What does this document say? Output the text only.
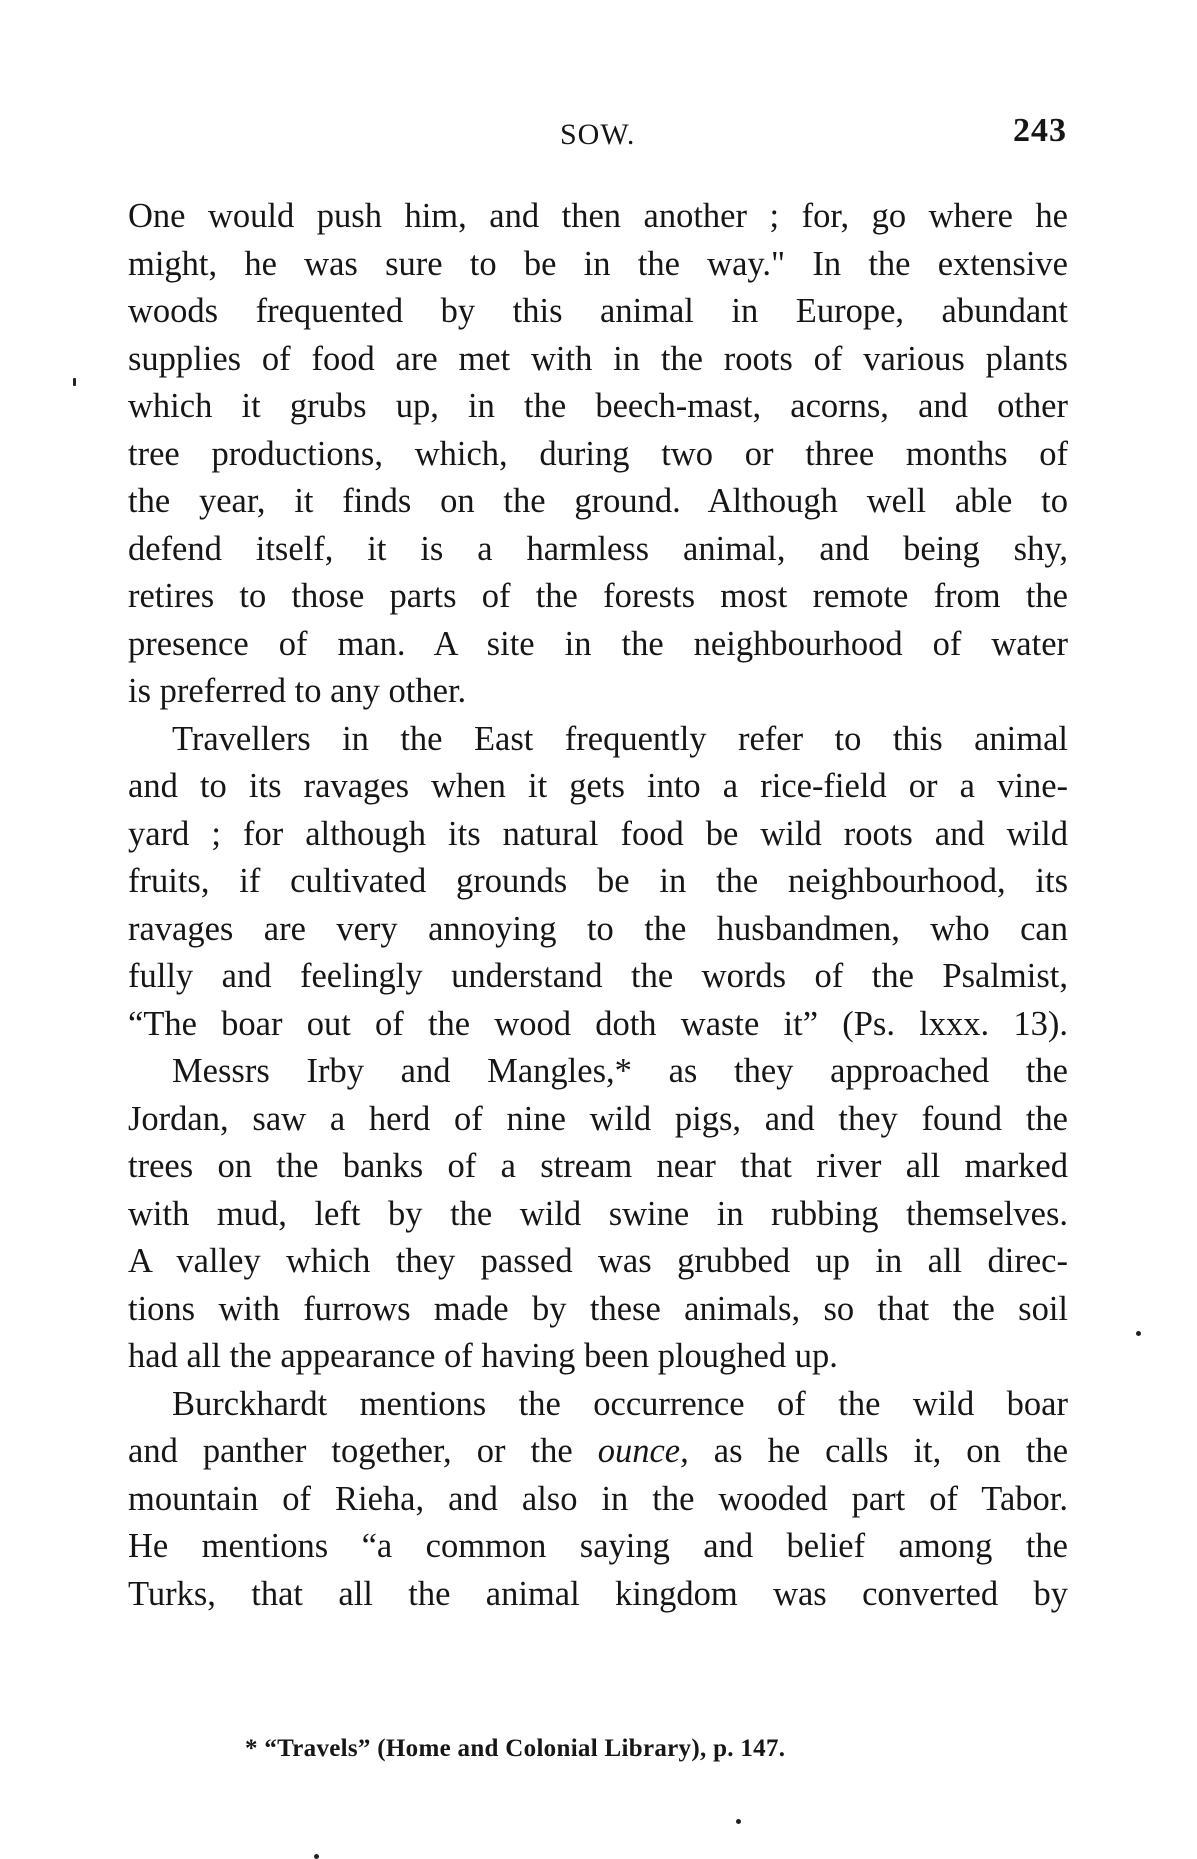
SOW.	243

One would push him, and then another ; for, go where he

might, he was sure to be in the way." In the extensive

woods frequented by this animal in Europe, abundant

supplies of food are met with in the roots of various plants

which it grubs up, in the beech-mast, acorns, and other

tree productions, which, during two or three months of

the year, it finds on the ground. Although well able to

defend itself, it is a harmless animal, and being shy,

retires to those parts of the forests most remote from the

presence of man. A site in the neighbourhood of water

is preferred to any other.

Travellers in the East frequently refer to this animal

and to its ravages when it gets into a rice-field or a vine-

yard ; for although its natural food be wild roots and wild

fruits, if cultivated grounds be in the neighbourhood, its

ravages are very annoying to the husbandmen, who can

fully and feelingly understand the words of the Psalmist,

“The boar out of the wood doth waste it” (Ps. lxxx. 13).

Messrs Irby and Mangles,* as they approached the

Jordan, saw a herd of nine wild pigs, and they found the

trees on the banks of a stream near that river all marked

with mud, left by the wild swine in rubbing themselves.

A valley which they passed was grubbed up in all direc-

tions with furrows made by these animals, so that the soil

had all the appearance of having been ploughed up.

Burckhardt mentions the occurrence of the wild boar

and panther together, or the ounce, as he calls it, on the

mountain of Rieha, and also in the wooded part of Tabor.

He mentions “a common saying and belief among the

Turks, that all the animal kingdom was converted by

* “Travels” (Home and Colonial Library), p. 147.
